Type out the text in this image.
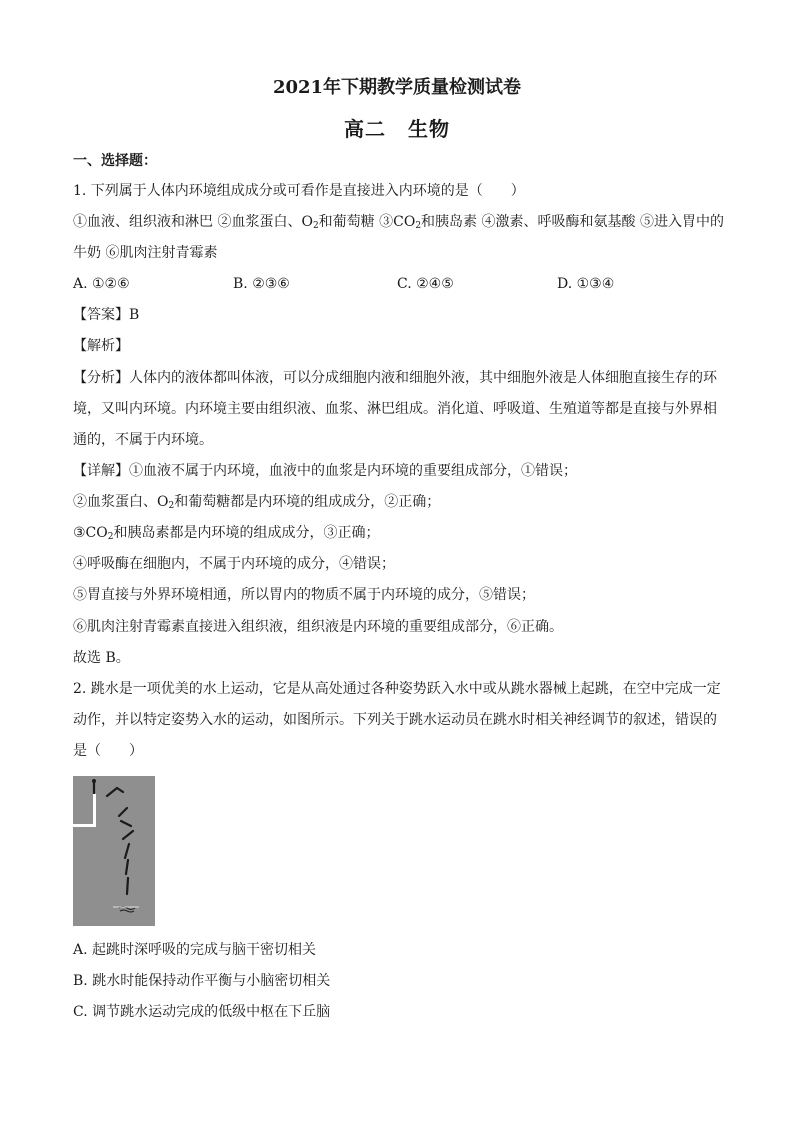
2021年下期教学质量检测试卷
高二 生物
一、选择题：
1. 下列属于人体内环境组成成分或可看作是直接进入内环境的是（　　）
①血液、组织液和淋巴 ②血浆蛋白、$O_2$和葡萄糖 $③CO_2$和胰岛素 ④激素、呼吸酶和氨基酸 ⑤进入胃中的
牛奶 ⑥肌肉注射青霉素
A. ①②⑥	B. ②③⑥	C. ②④⑤	D. ①③④
【答案】B
【解析】
【分析】人体内的液体都叫体液，可以分成细胞内液和细胞外液，其中细胞外液是人体细胞直接生存的环
境，又叫内环境。内环境主要由组织液、血浆、淋巴组成。消化道、呼吸道、生殖道等都是直接与外界相
通的，不属于内环境。
【详解】①血液不属于内环境，血液中的血浆是内环境的重要组成部分，①错误；
②血浆蛋白、$O_2$和葡萄糖都是内环境的组成成分，②正确；
$③CO_2$和胰岛素都是内环境的组成成分，③正确；
④呼吸酶在细胞内，不属于内环境的成分，④错误；
⑤胃直接与外界环境相通，所以胃内的物质不属于内环境的成分，⑤错误；
⑥肌肉注射青霉素直接进入组织液，组织液是内环境的重要组成部分，⑥正确。
故选 B。
2. 跳水是一项优美的水上运动，它是从高处通过各种姿势跃入水中或从跳水器械上起跳，在空中完成一定
动作，并以特定姿势入水的运动，如图所示。下列关于跳水运动员在跳水时相关神经调节的叙述，错误的
是（　　）
A. 起跳时深呼吸的完成与脑干密切相关
B. 跳水时能保持动作平衡与小脑密切相关
C. 调节跳水运动完成的低级中枢在下丘脑
